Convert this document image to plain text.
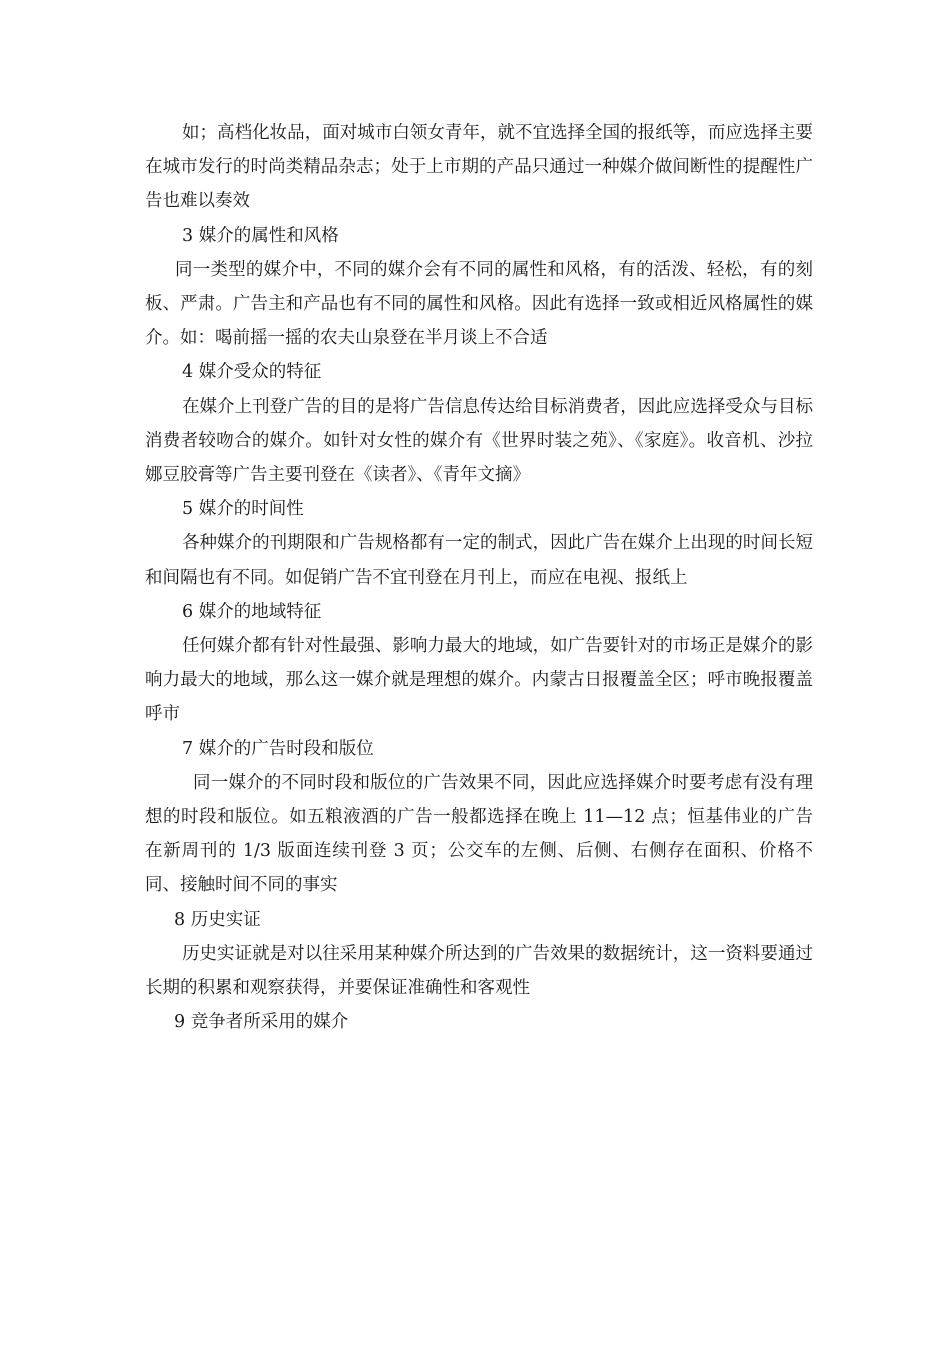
如；高档化妆品，面对城市白领女青年，就不宜选择全国的报纸等，而应选择主要在城市发行的时尚类精品杂志；处于上市期的产品只通过一种媒介做间断性的提醒性广告也难以奏效

3 媒介的属性和风格

同一类型的媒介中，不同的媒介会有不同的属性和风格，有的活泼、轻松，有的刻板、严肃。广告主和产品也有不同的属性和风格。因此有选择一致或相近风格属性的媒介。如：喝前摇一摇的农夫山泉登在半月谈上不合适

4 媒介受众的特征

在媒介上刊登广告的目的是将广告信息传达给目标消费者，因此应选择受众与目标消费者较吻合的媒介。如针对女性的媒介有《世界时装之苑》、《家庭》。收音机、沙拉娜豆胶膏等广告主要刊登在《读者》、《青年文摘》

5 媒介的时间性

各种媒介的刊期限和广告规格都有一定的制式，因此广告在媒介上出现的时间长短和间隔也有不同。如促销广告不宜刊登在月刊上，而应在电视、报纸上

6 媒介的地域特征

任何媒介都有针对性最强、影响力最大的地域，如广告要针对的市场正是媒介的影响力最大的地域，那么这一媒介就是理想的媒介。内蒙古日报覆盖全区；呼市晚报覆盖呼市

7 媒介的广告时段和版位

同一媒介的不同时段和版位的广告效果不同，因此应选择媒介时要考虑有没有理想的时段和版位。如五粮液酒的广告一般都选择在晚上 11—12 点；恒基伟业的广告在新周刊的 1/3 版面连续刊登 3 页；公交车的左侧、后侧、右侧存在面积、价格不同、接触时间不同的事实

8 历史实证

历史实证就是对以往采用某种媒介所达到的广告效果的数据统计，这一资料要通过长期的积累和观察获得，并要保证准确性和客观性

9 竞争者所采用的媒介
